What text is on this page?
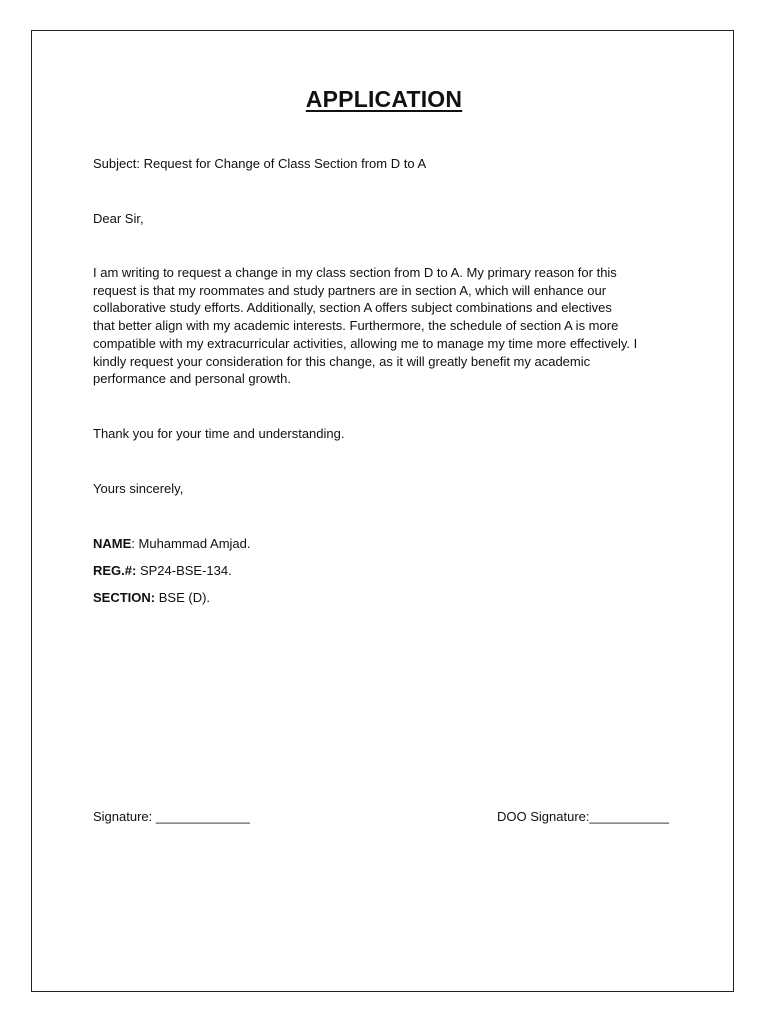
APPLICATION
Subject: Request for Change of Class Section from D to A
Dear Sir,
I am writing to request a change in my class section from D to A. My primary reason for this
request is that my roommates and study partners are in section A, which will enhance our
collaborative study efforts. Additionally, section A offers subject combinations and electives
that better align with my academic interests. Furthermore, the schedule of section A is more
compatible with my extracurricular activities, allowing me to manage my time more effectively. I
kindly request your consideration for this change, as it will greatly benefit my academic
performance and personal growth.
Thank you for your time and understanding.
Yours sincerely,
NAME: Muhammad Amjad.
REG.#: SP24-BSE-134.
SECTION: BSE (D).
Signature: _____________	DOO Signature:___________
